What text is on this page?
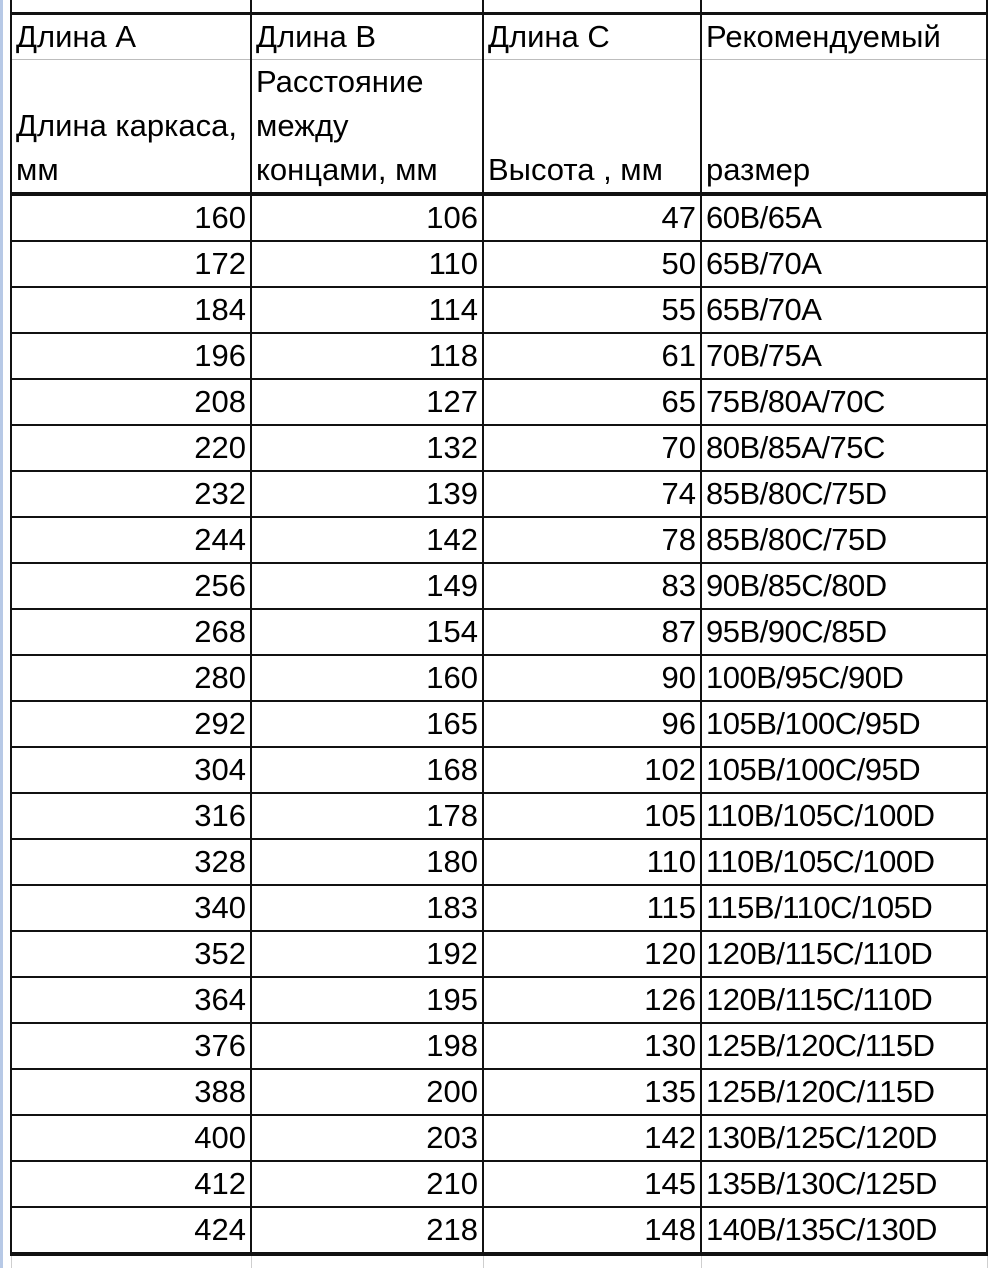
Длина А	Длина В	Длина С	Рекомендуемый
Длина каркаса, мм	Расстояние между концами, мм	Высота , мм	размер
160	106	47	60B/65A
172	110	50	65B/70A
184	114	55	65B/70A
196	118	61	70B/75A
208	127	65	75B/80A/70C
220	132	70	80B/85A/75C
232	139	74	85B/80C/75D
244	142	78	85B/80C/75D
256	149	83	90B/85C/80D
268	154	87	95B/90C/85D
280	160	90	100B/95C/90D
292	165	96	105B/100C/95D
304	168	102	105B/100C/95D
316	178	105	110B/105C/100D
328	180	110	110B/105C/100D
340	183	115	115B/110C/105D
352	192	120	120B/115C/110D
364	195	126	120B/115C/110D
376	198	130	125B/120C/115D
388	200	135	125B/120C/115D
400	203	142	130B/125C/120D
412	210	145	135B/130C/125D
424	218	148	140B/135C/130D
